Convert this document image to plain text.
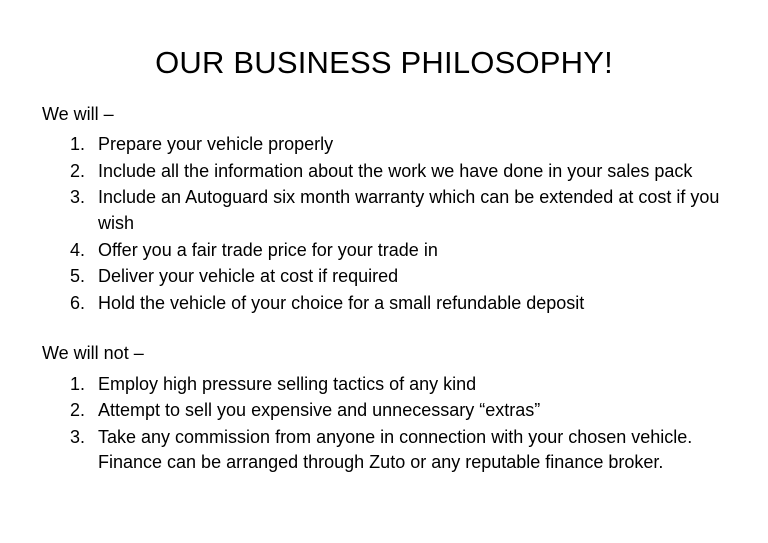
OUR BUSINESS PHILOSOPHY!

We will –

1. Prepare your vehicle properly
2. Include all the information about the work we have done in your sales pack
3. Include an Autoguard six month warranty which can be extended at cost if you wish
4. Offer you a fair trade price for your trade in
5. Deliver your vehicle at cost if required
6. Hold the vehicle of your choice for a small refundable deposit

We will not –

1. Employ high pressure selling tactics of any kind
2. Attempt to sell you expensive and unnecessary “extras”
3. Take any commission from anyone in connection with your chosen vehicle. Finance can be arranged through Zuto or any reputable finance broker.
